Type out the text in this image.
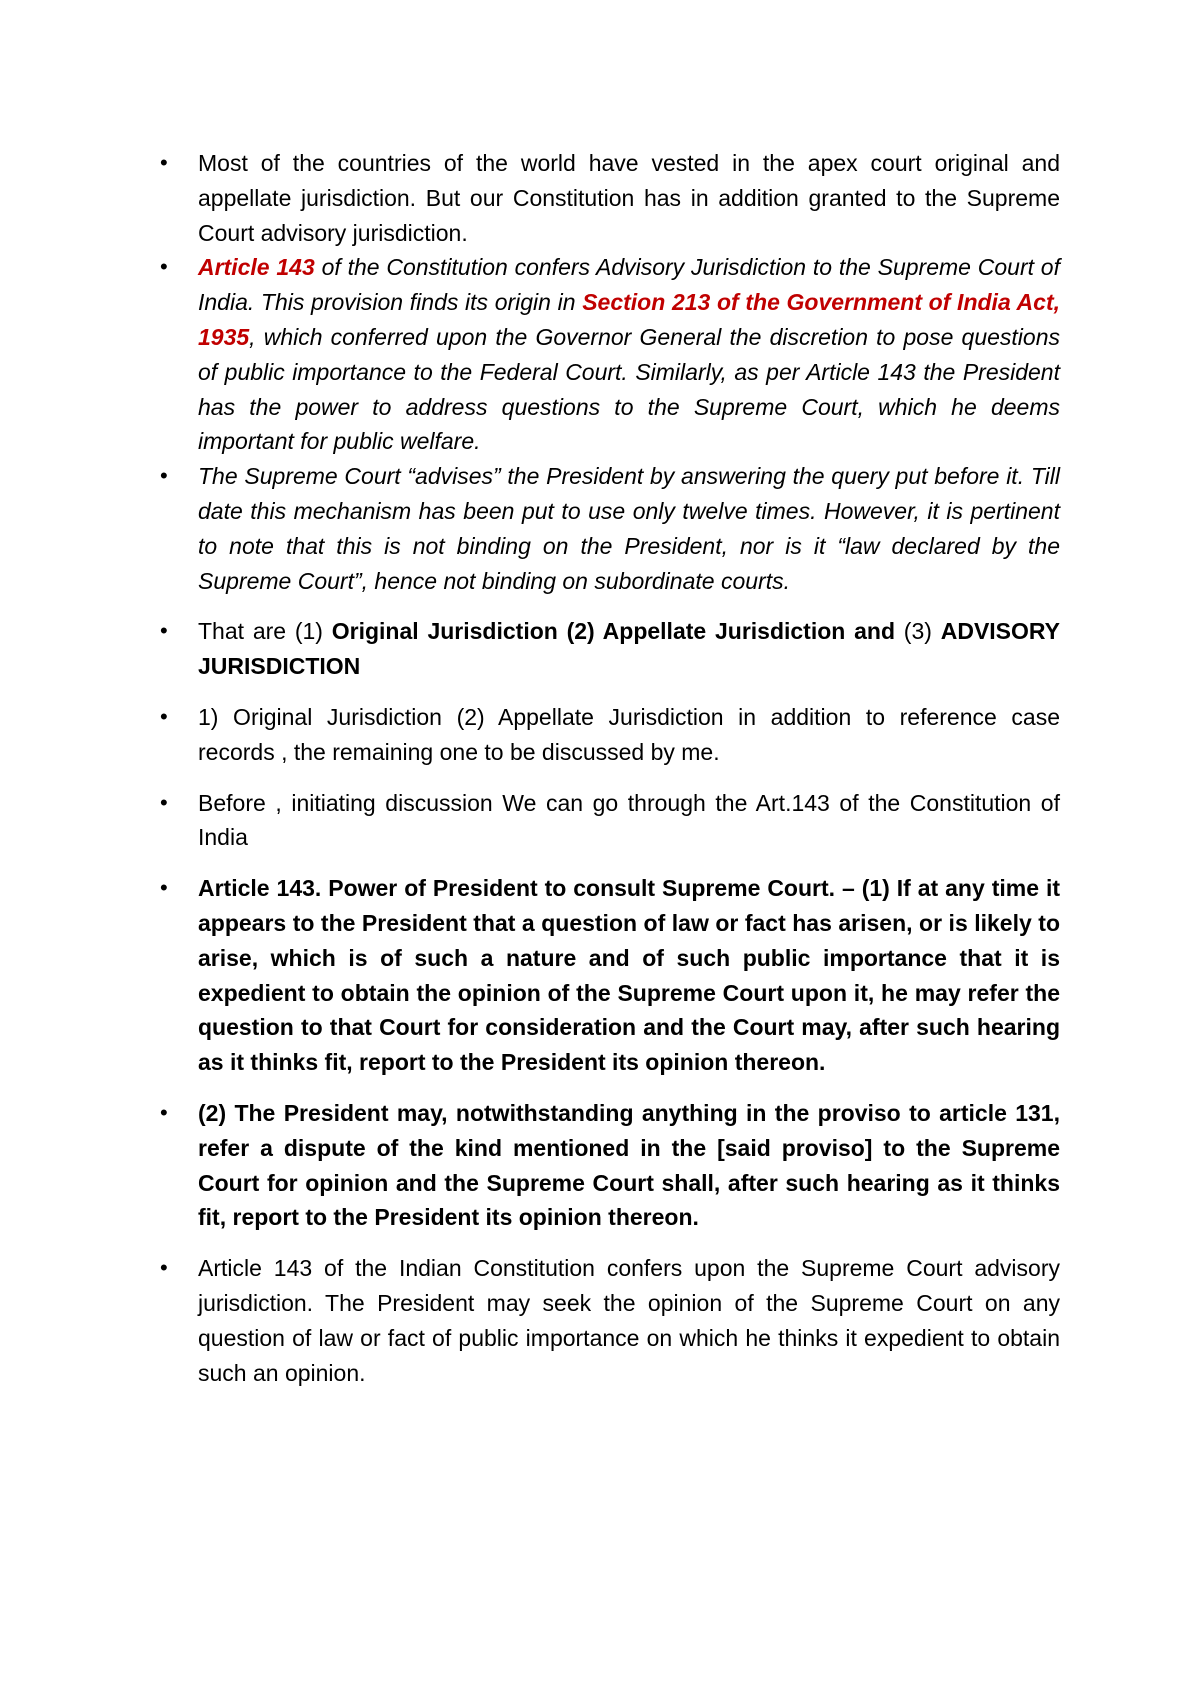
•	Most of the countries of the world have vested in the apex court original and appellate jurisdiction. But our Constitution has in addition granted to the Supreme Court advisory jurisdiction.
•	Article 143 of the Constitution confers Advisory Jurisdiction to the Supreme Court of India. This provision finds its origin in Section 213 of the Government of India Act, 1935, which conferred upon the Governor General the discretion to pose questions of public importance to the Federal Court. Similarly, as per Article 143 the President has the power to address questions to the Supreme Court, which he deems important for public welfare.
•	The Supreme Court “advises” the President by answering the query put before it. Till date this mechanism has been put to use only twelve times. However, it is pertinent to note that this is not binding on the President, nor is it “law declared by the Supreme Court”, hence not binding on subordinate courts.
•	That are (1) Original Jurisdiction (2) Appellate Jurisdiction and (3) ADVISORY JURISDICTION
•	1) Original Jurisdiction (2) Appellate Jurisdiction in addition to reference case records , the remaining one to be discussed by me.
•	Before , initiating discussion We can go through the Art.143 of the Constitution of India
•	Article 143. Power of President to consult Supreme Court. – (1) If at any time it appears to the President that a question of law or fact has arisen, or is likely to arise, which is of such a nature and of such public importance that it is expedient to obtain the opinion of the Supreme Court upon it, he may refer the question to that Court for consideration and the Court may, after such hearing as it thinks fit, report to the President its opinion thereon.
•	(2) The President may, notwithstanding anything in the proviso to article 131, refer a dispute of the kind mentioned in the [said proviso] to the Supreme Court for opinion and the Supreme Court shall, after such hearing as it thinks fit, report to the President its opinion thereon.
•	Article 143 of the Indian Constitution confers upon the Supreme Court advisory jurisdiction. The President may seek the opinion of the Supreme Court on any question of law or fact of public importance on which he thinks it expedient to obtain such an opinion.
